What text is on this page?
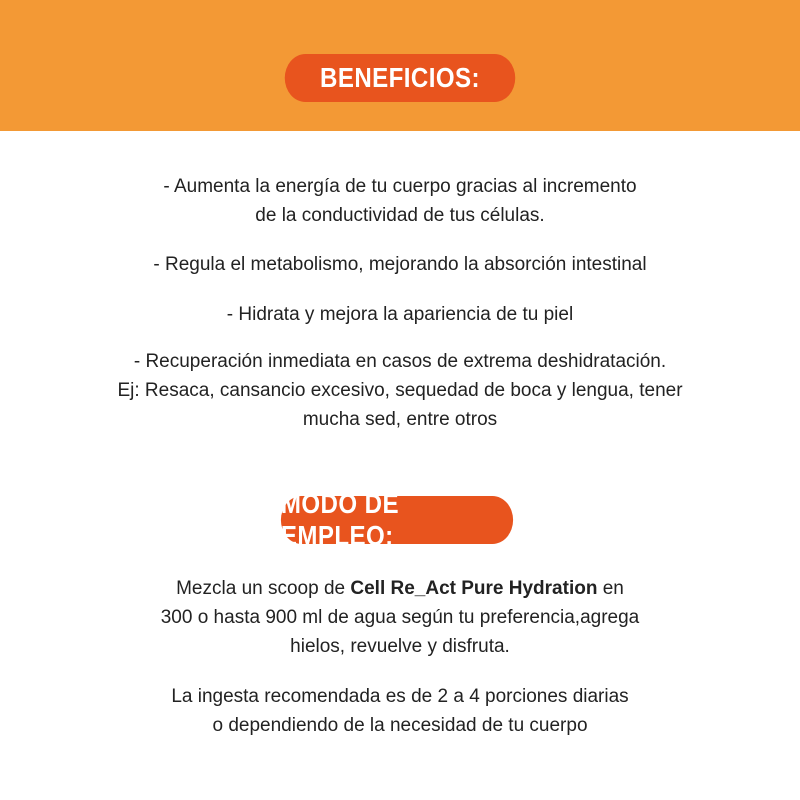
BENEFICIOS:

- Aumenta la energía de tu cuerpo gracias al incremento

de la conductividad de tus células.

- Regula el metabolismo, mejorando la absorción intestinal

- Hidrata y mejora la apariencia de tu piel

- Recuperación inmediata en casos de extrema deshidratación.

Ej: Resaca, cansancio excesivo, sequedad de boca y lengua, tener

mucha sed, entre otros

MODO DE EMPLEO:

Mezcla un scoop de Cell Re_Act Pure Hydration en

300 o hasta 900 ml de agua según tu preferencia,agrega

hielos, revuelve y disfruta.

La ingesta recomendada es de 2 a 4 porciones diarias

o dependiendo de la necesidad de tu cuerpo
